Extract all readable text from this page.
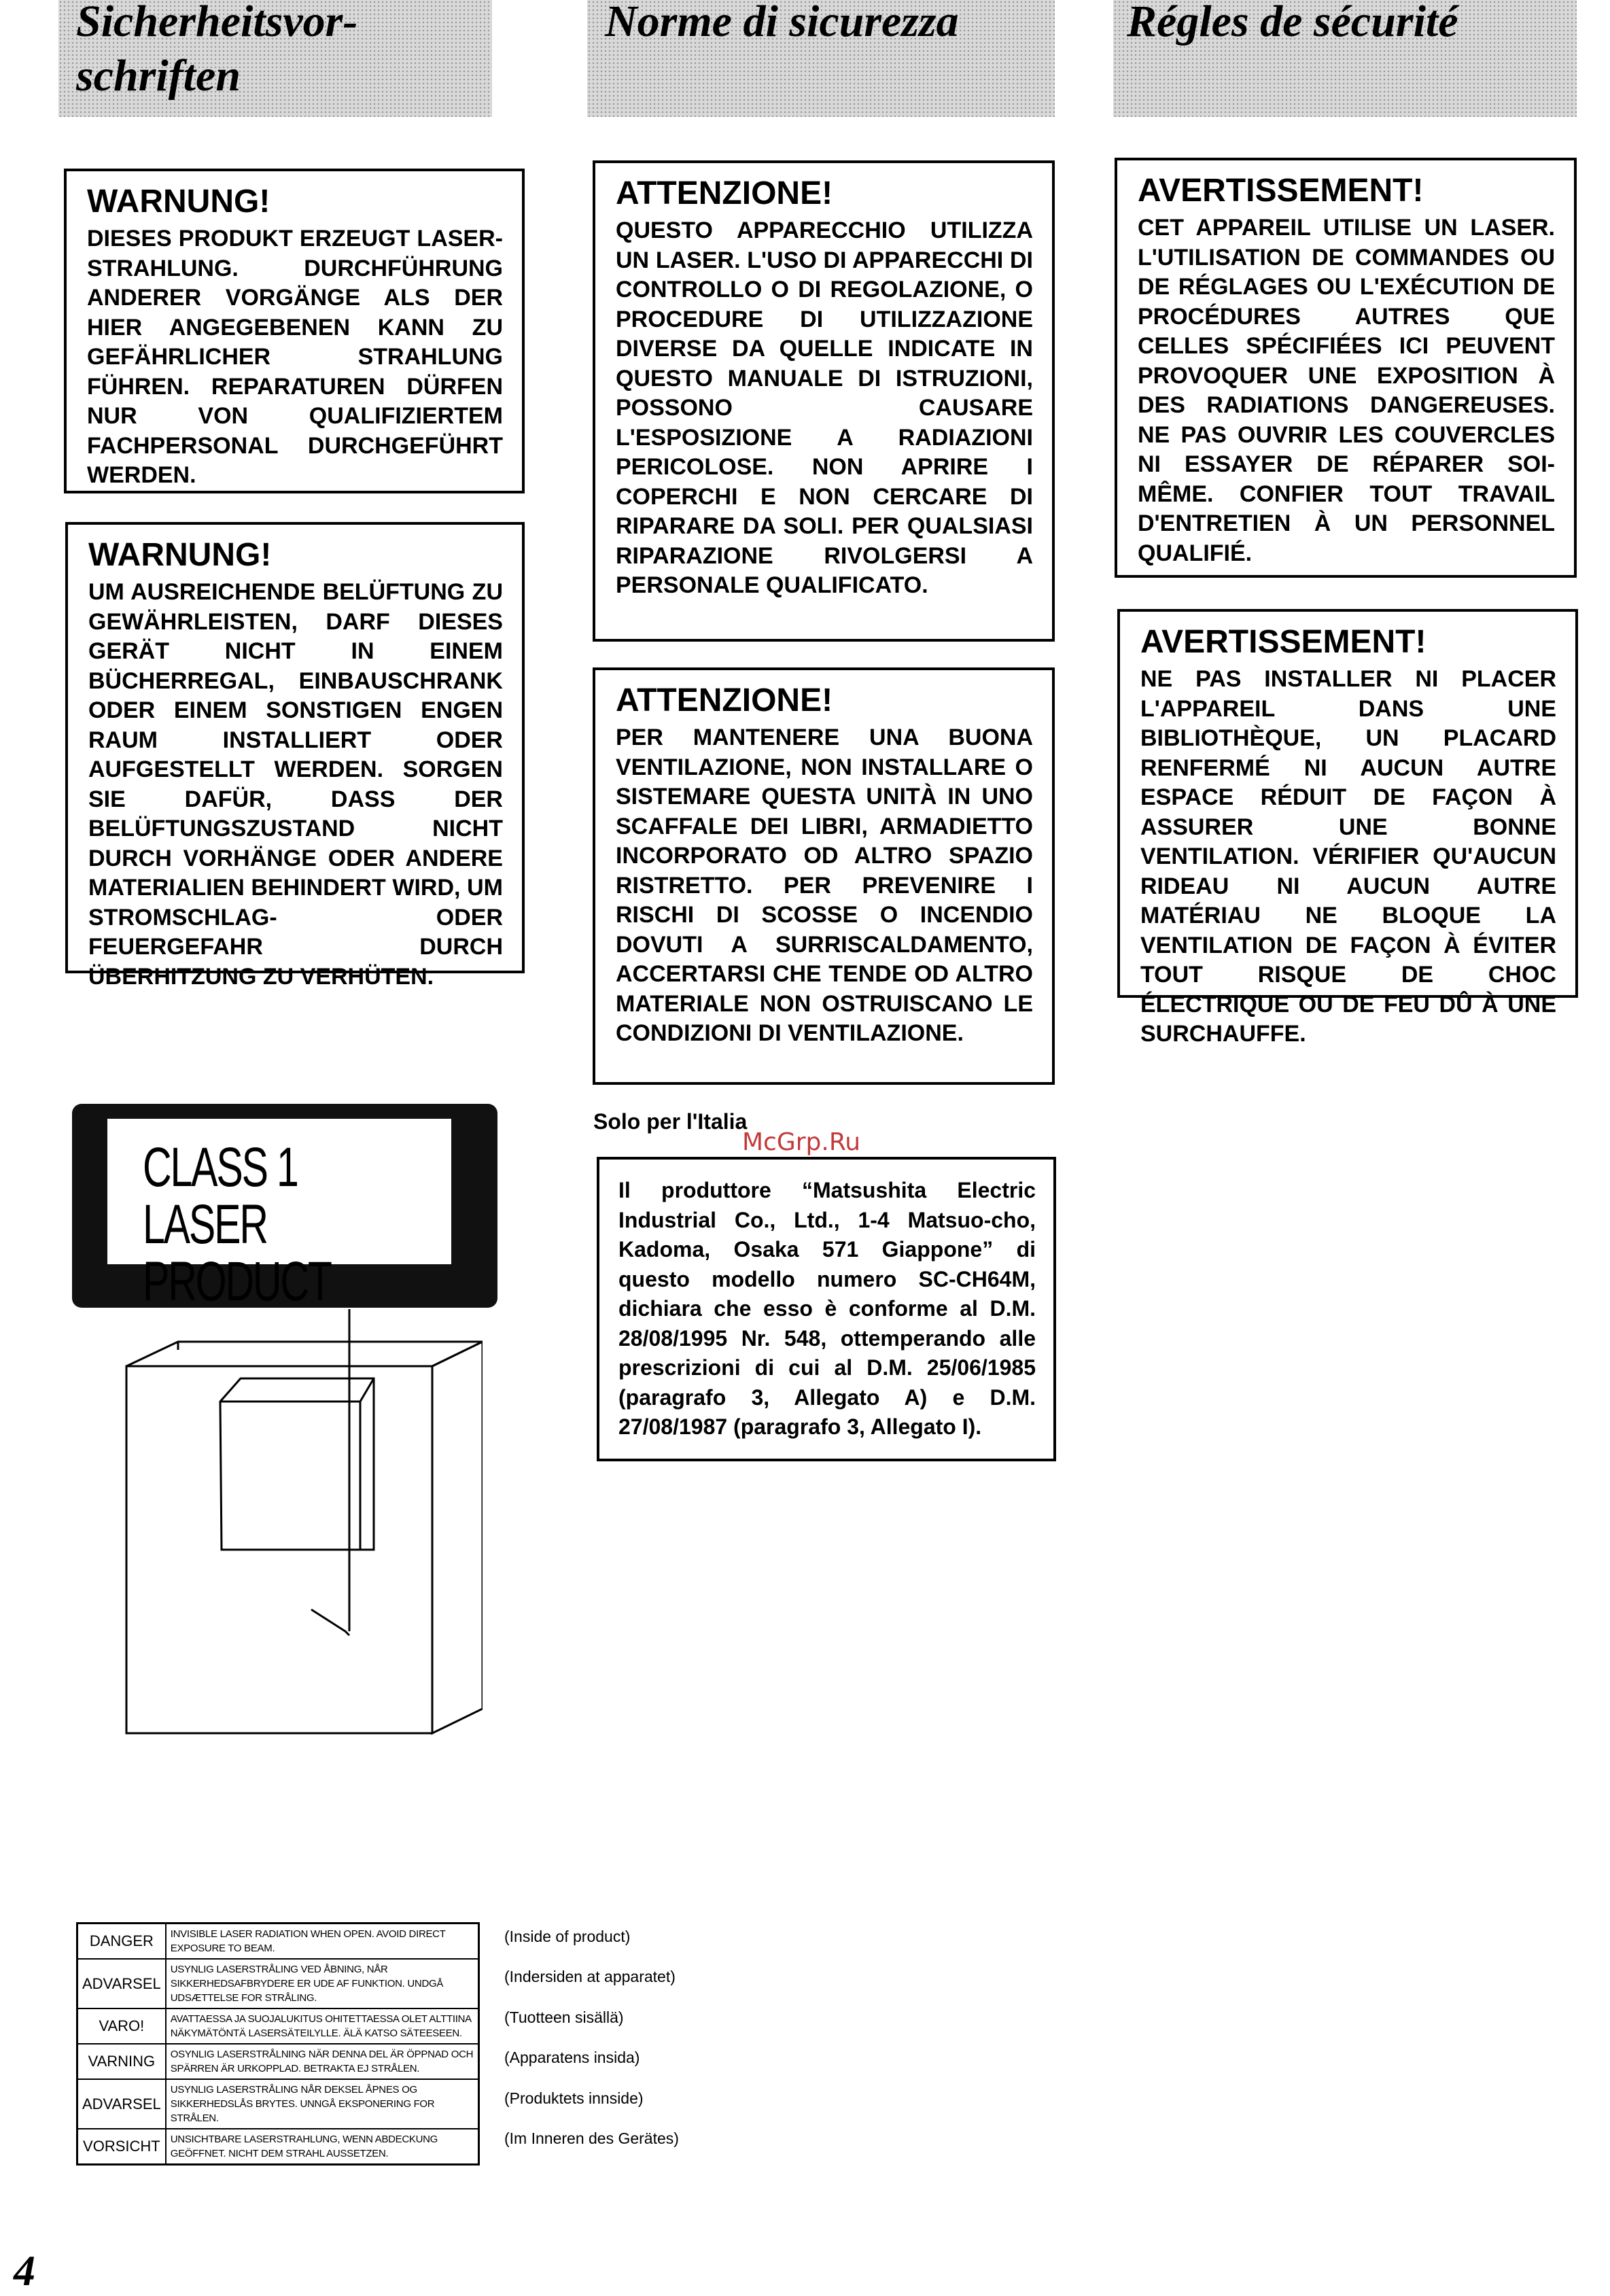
Sicherheitsvor-
schriften
Norme di sicurezza	Régles de sécurité
WARNUNG!
DIESES PRODUKT ERZEUGT LASER-STRAHLUNG. DURCHFÜHRUNG ANDERER VORGÄNGE ALS DER HIER ANGEGEBENEN KANN ZU GEFÄHRLICHER STRAHLUNG FÜHREN. REPARATUREN DÜRFEN NUR VON QUALIFIZIERTEM FACHPERSONAL DURCHGEFÜHRT WERDEN.
WARNUNG!
UM AUSREICHENDE BELÜFTUNG ZU GEWÄHRLEISTEN, DARF DIESES GERÄT NICHT IN EINEM BÜCHERREGAL, EINBAUSCHRANK ODER EINEM SONSTIGEN ENGEN RAUM INSTALLIERT ODER AUFGESTELLT WERDEN. SORGEN SIE DAFÜR, DASS DER BELÜFTUNGSZUSTAND NICHT DURCH VORHÄNGE ODER ANDERE MATERIALIEN BEHINDERT WIRD, UM STROMSCHLAG- ODER FEUERGEFAHR DURCH ÜBERHITZUNG ZU VERHÜTEN.
ATTENZIONE!
QUESTO APPARECCHIO UTILIZZA UN LASER. L'USO DI APPARECCHI DI CONTROLLO O DI REGOLAZIONE, O PROCEDURE DI UTILIZZAZIONE DIVERSE DA QUELLE INDICATE IN QUESTO MANUALE DI ISTRUZIONI, POSSONO CAUSARE L'ESPOSIZIONE A RADIAZIONI PERICOLOSE. NON APRIRE I COPERCHI E NON CERCARE DI RIPARARE DA SOLI. PER QUALSIASI RIPARAZIONE RIVOLGERSI A PERSONALE QUALIFICATO.
ATTENZIONE!
PER MANTENERE UNA BUONA VENTILAZIONE, NON INSTALLARE O SISTEMARE QUESTA UNITÀ IN UNO SCAFFALE DEI LIBRI, ARMADIETTO INCORPORATO OD ALTRO SPAZIO RISTRETTO. PER PREVENIRE I RISCHI DI SCOSSE O INCENDIO DOVUTI A SURRISCALDAMENTO, ACCERTARSI CHE TENDE OD ALTRO MATERIALE NON OSTRUISCANO LE CONDIZIONI DI VENTILAZIONE.
Solo per l'Italia
McGrp.Ru
Il produttore “Matsushita Electric Industrial Co., Ltd., 1-4 Matsuo-cho, Kadoma, Osaka 571 Giappone” di questo modello numero SC-CH64M, dichiara che esso è conforme al D.M. 28/08/1995 Nr. 548, ottemperando alle prescrizioni di cui al D.M. 25/06/1985 (paragrafo 3, Allegato A) e D.M. 27/08/1987 (paragrafo 3, Allegato I).
AVERTISSEMENT!
CET APPAREIL UTILISE UN LASER. L'UTILISATION DE COMMANDES OU DE RÉGLAGES OU L'EXÉCUTION DE PROCÉDURES AUTRES QUE CELLES SPÉCIFIÉES ICI PEUVENT PROVOQUER UNE EXPOSITION À DES RADIATIONS DANGEREUSES. NE PAS OUVRIR LES COUVERCLES NI ESSAYER DE RÉPARER SOI-MÊME. CONFIER TOUT TRAVAIL D'ENTRETIEN À UN PERSONNEL QUALIFIÉ.
AVERTISSEMENT!
NE PAS INSTALLER NI PLACER L'APPAREIL DANS UNE BIBLIOTHÈQUE, UN PLACARD RENFERMÉ NI AUCUN AUTRE ESPACE RÉDUIT DE FAÇON À ASSURER UNE BONNE VENTILATION. VÉRIFIER QU'AUCUN RIDEAU NI AUCUN AUTRE MATÉRIAU NE BLOQUE LA VENTILATION DE FAÇON À ÉVITER TOUT RISQUE DE CHOC ÉLECTRIQUE OU DE FEU DÛ À UNE SURCHAUFFE.
CLASS 1
LASER PRODUCT
DANGER	INVISIBLE LASER RADIATION WHEN OPEN. AVOID DIRECT EXPOSURE TO BEAM.
ADVARSEL	USYNLIG LASERSTRÅLING VED ÅBNING, NÅR SIKKERHEDSAFBRYDERE ER UDE AF FUNKTION. UNDGÅ UDSÆTTELSE FOR STRÅLING.
VARO!	AVATTAESSA JA SUOJALUKITUS OHITETTAESSA OLET ALTTIINA NÄKYMÄTÖNTÄ LASERSÄTEILYLLE. ÄLÄ KATSO SÄTEESEEN.
VARNING	OSYNLIG LASERSTRÅLNING NÄR DENNA DEL ÄR ÖPPNAD OCH SPÄRREN ÄR URKOPPLAD. BETRAKTA EJ STRÅLEN.
ADVARSEL	USYNLIG LASERSTRÅLING NÅR DEKSEL ÅPNES OG SIKKERHEDSLÅS BRYTES. UNNGÅ EKSPONERING FOR STRÅLEN.
VORSICHT	UNSICHTBARE LASERSTRAHLUNG, WENN ABDECKUNG GEÖFFNET. NICHT DEM STRAHL AUSSETZEN.
(Inside of product)
(Indersiden at apparatet)
(Tuotteen sisällä)
(Apparatens insida)
(Produktets innside)
(Im Inneren des Gerätes)
4
